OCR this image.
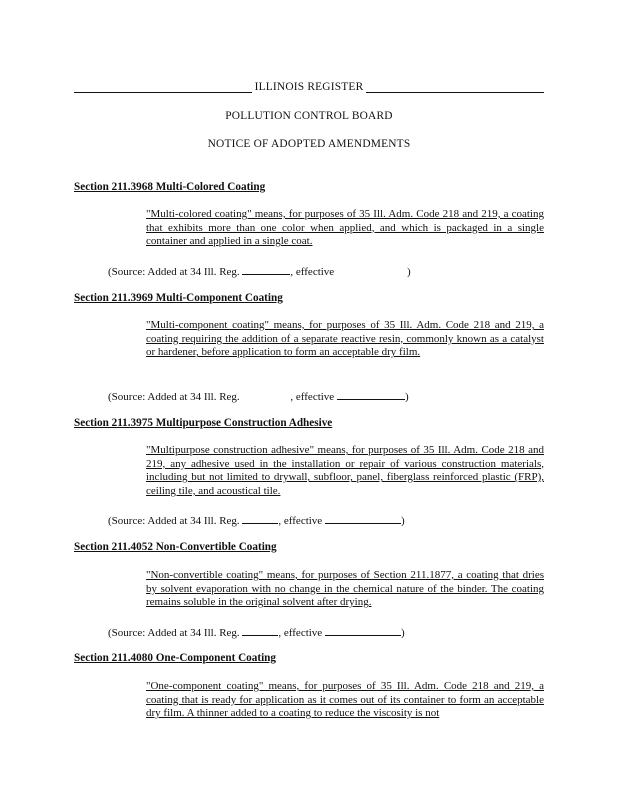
ILLINOIS REGISTER
POLLUTION CONTROL BOARD
NOTICE OF ADOPTED AMENDMENTS
Section 211.3968 Multi-Colored Coating
"Multi-colored coating" means, for purposes of 35 Ill. Adm. Code 218 and 219, a coating that exhibits more than one color when applied, and which is packaged in a single container and applied in a single coat.
(Source: Added at 34 Ill. Reg.	, effective	)
Section 211.3969 Multi-Component Coating
"Multi-component coating" means, for purposes of 35 Ill. Adm. Code 218 and 219, a coating requiring the addition of a separate reactive resin, commonly known as a catalyst or hardener, before application to form an acceptable dry film.
(Source: Added at 34 Ill. Reg.	, effective	)
Section 211.3975 Multipurpose Construction Adhesive
"Multipurpose construction adhesive" means, for purposes of 35 Ill. Adm. Code 218 and 219, any adhesive used in the installation or repair of various construction materials, including but not limited to drywall, subfloor, panel, fiberglass reinforced plastic (FRP), ceiling tile, and acoustical tile.
(Source: Added at 34 Ill. Reg.	, effective	)
Section 211.4052 Non-Convertible Coating
"Non-convertible coating" means, for purposes of Section 211.1877, a coating that dries by solvent evaporation with no change in the chemical nature of the binder. The coating remains soluble in the original solvent after drying.
(Source: Added at 34 Ill. Reg.	, effective	)
Section 211.4080 One-Component Coating
"One-component coating" means, for purposes of 35 Ill. Adm. Code 218 and 219, a coating that is ready for application as it comes out of its container to form an acceptable dry film. A thinner added to a coating to reduce the viscosity is not
